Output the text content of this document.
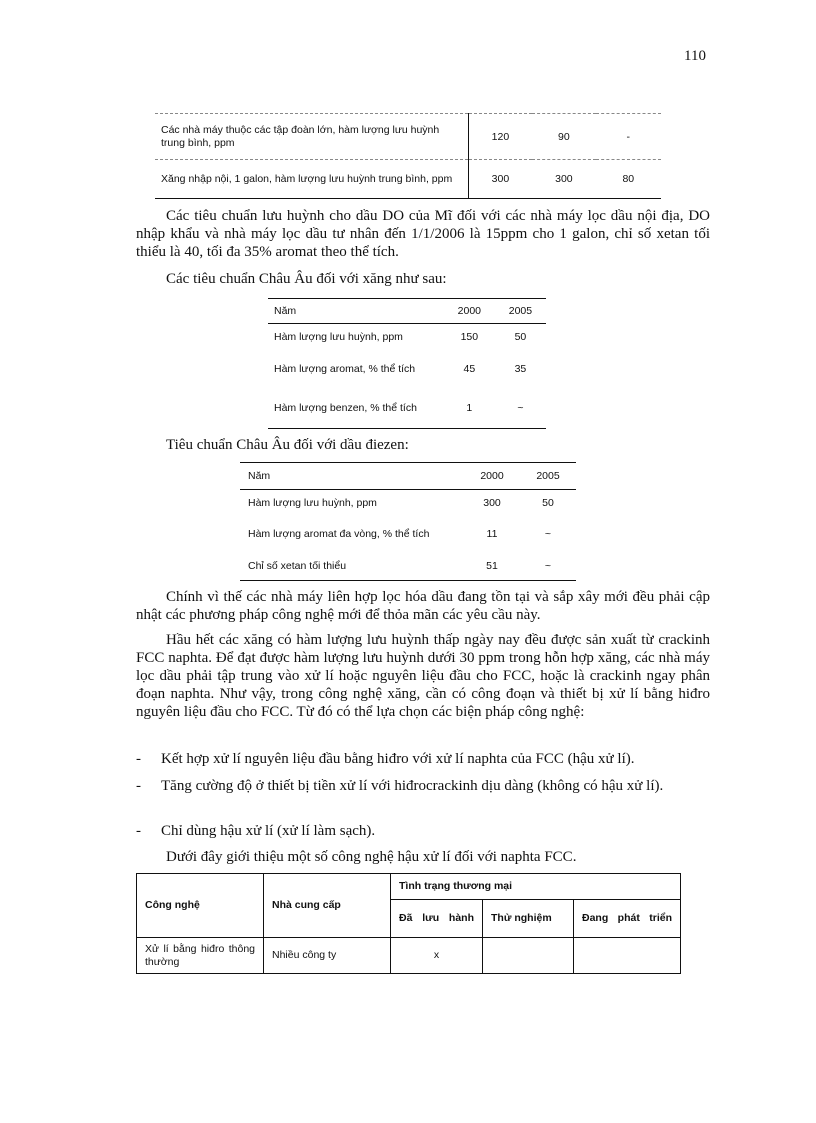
110
Các nhà máy thuộc các tập đoàn lớn, hàm lượng lưu huỳnh trung bình, ppm	120	90	-
Xăng nhập nội, 1 galon, hàm lượng lưu huỳnh trung bình, ppm	300	300	80

Các tiêu chuẩn lưu huỳnh cho dầu DO của Mĩ đối với các nhà máy lọc dầu nội địa, DO nhập khẩu và nhà máy lọc dầu tư nhân đến 1/1/2006 là 15ppm cho 1 galon, chỉ số xetan tối thiểu là 40, tối đa 35% aromat theo thể tích.

Các tiêu chuẩn Châu Âu đối với xăng như sau:

Năm	2000	2005
Hàm lượng lưu huỳnh, ppm	150	50
Hàm lượng aromat, % thể tích	45	35
Hàm lượng benzen, % thể tích	1	~

Tiêu chuẩn Châu Âu đối với dầu điezen:

Năm	2000	2005
Hàm lượng lưu huỳnh, ppm	300	50
Hàm lượng aromat đa vòng, % thể tích	11	~
Chỉ số xetan tối thiểu	51	~

Chính vì thế các nhà máy liên hợp lọc hóa dầu đang tồn tại và sắp xây mới đều phải cập nhật các phương pháp công nghệ mới để thỏa mãn các yêu cầu này.

Hầu hết các xăng có hàm lượng lưu huỳnh thấp ngày nay đều được sản xuất từ crackinh FCC naphta. Để đạt được hàm lượng lưu huỳnh dưới 30 ppm trong hỗn hợp xăng, các nhà máy lọc dầu phải tập trung vào xử lí hoặc nguyên liệu đầu cho FCC, hoặc là crackinh ngay phân đoạn naphta. Như vậy, trong công nghệ xăng, cần có công đoạn và thiết bị xử lí bằng hiđro nguyên liệu đầu cho FCC. Từ đó có thể lựa chọn các biện pháp công nghệ:

- Kết hợp xử lí nguyên liệu đầu bằng hiđro với xử lí naphta của FCC (hậu xử lí).
- Tăng cường độ ở thiết bị tiền xử lí với hiđrocrackinh dịu dàng (không có hậu xử lí).
- Chỉ dùng hậu xử lí (xử lí làm sạch).

Dưới đây giới thiệu một số công nghệ hậu xử lí đối với naphta FCC.

Công nghệ	Nhà cung cấp	Tình trạng thương mại		
		Đã lưu hành	Thử nghiệm	Đang phát triển
Xử lí bằng hiđro thông thường	Nhiều công ty	x		
